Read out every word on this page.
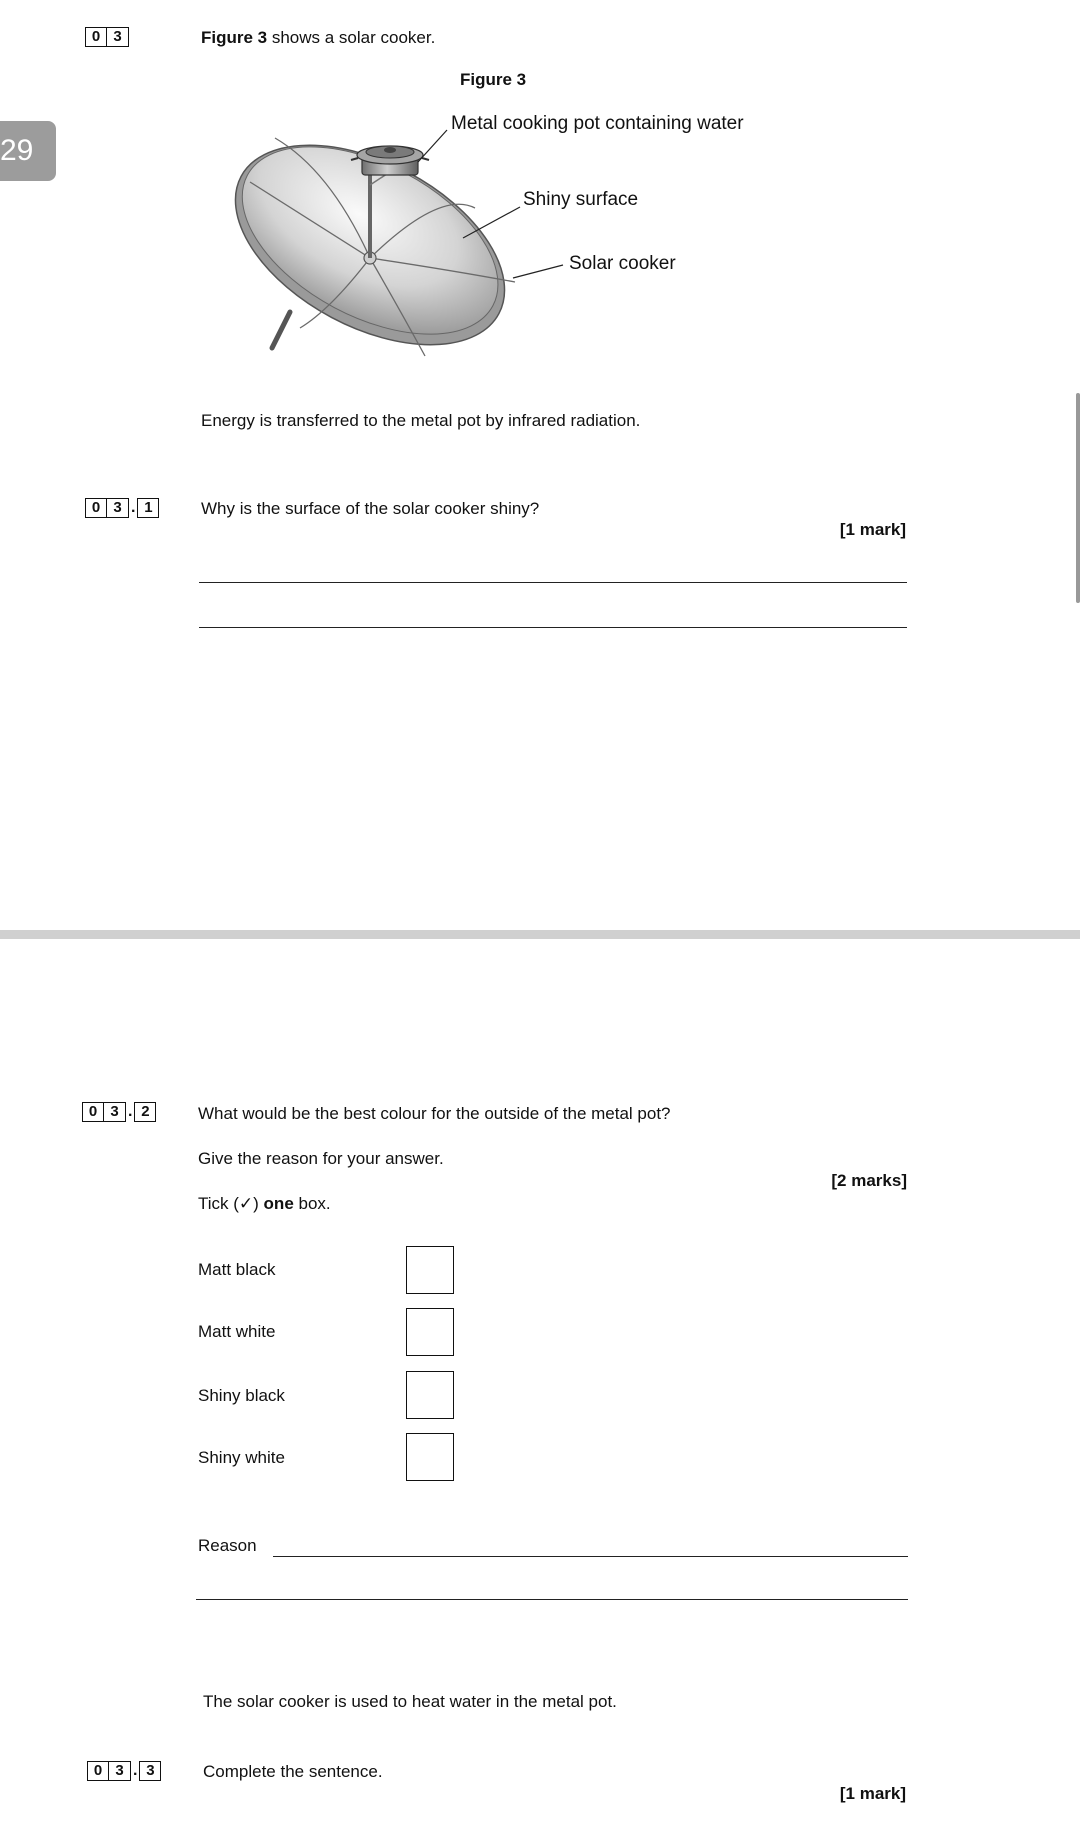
29
0 3	Figure 3 shows a solar cooker.
Figure 3
Metal cooking pot containing water
Shiny surface
Solar cooker
Energy is transferred to the metal pot by infrared radiation.
0 3 . 1	Why is the surface of the solar cooker shiny?
[1 mark]
0 3 . 2	What would be the best colour for the outside of the metal pot?
Give the reason for your answer.
[2 marks]
Tick (✓) one box.
Matt black
Matt white
Shiny black
Shiny white
Reason
The solar cooker is used to heat water in the metal pot.
0 3 . 3	Complete the sentence.
[1 mark]
